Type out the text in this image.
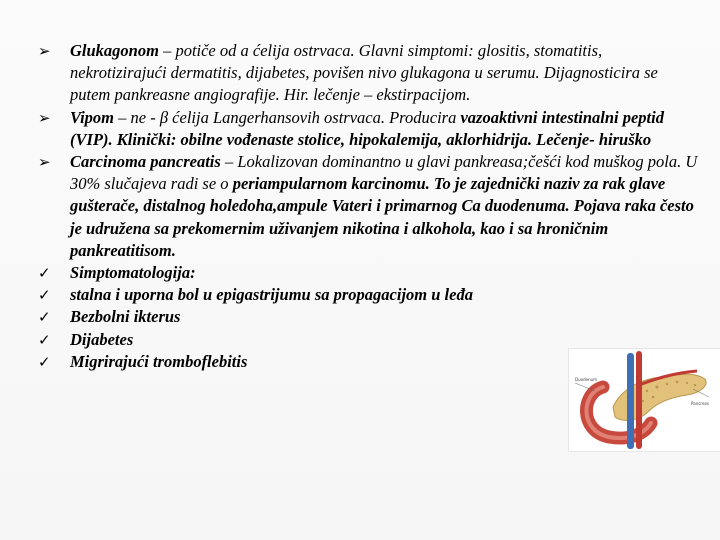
➢	Glukagonom – potiče od a ćelija ostrvaca. Glavni simptomi: glositis, stomatitis, nekrotizirajući dermatitis, dijabetes, povišen nivo glukagona u serumu. Dijagnosticira se putem pankreasne angiografije. Hir. lečenje – ekstirpacijom.
➢	Vipom – ne - β ćelija Langerhansovih ostrvaca. Producira vazoaktivni intestinalni peptid (VIP). Klinički: obilne vođenaste stolice, hipokalemija, aklorhidrija. Lečenje- hiruško
➢	Carcinoma pancreatis – Lokalizovan dominantno u glavi pankreasa;češći kod muškog pola. U 30% slučajeva radi se o periampularnom karcinomu. To je zajednički naziv za rak glave gušterače, distalnog holedoha,ampule Vateri i primarnog Ca duodenuma. Pojava raka često je udružena sa prekomernim uživanjem nikotina i alkohola, kao i sa hroničnim pankreatitisom.
✓	Simptomatologija:
✓	stalna i uporna bol u epigastrijumu sa propagacijom u leđa
✓	Bezbolni ikterus
✓	Dijabetes
✓	Migrirajući tromboflebitis
Duodenum
Pancreas
